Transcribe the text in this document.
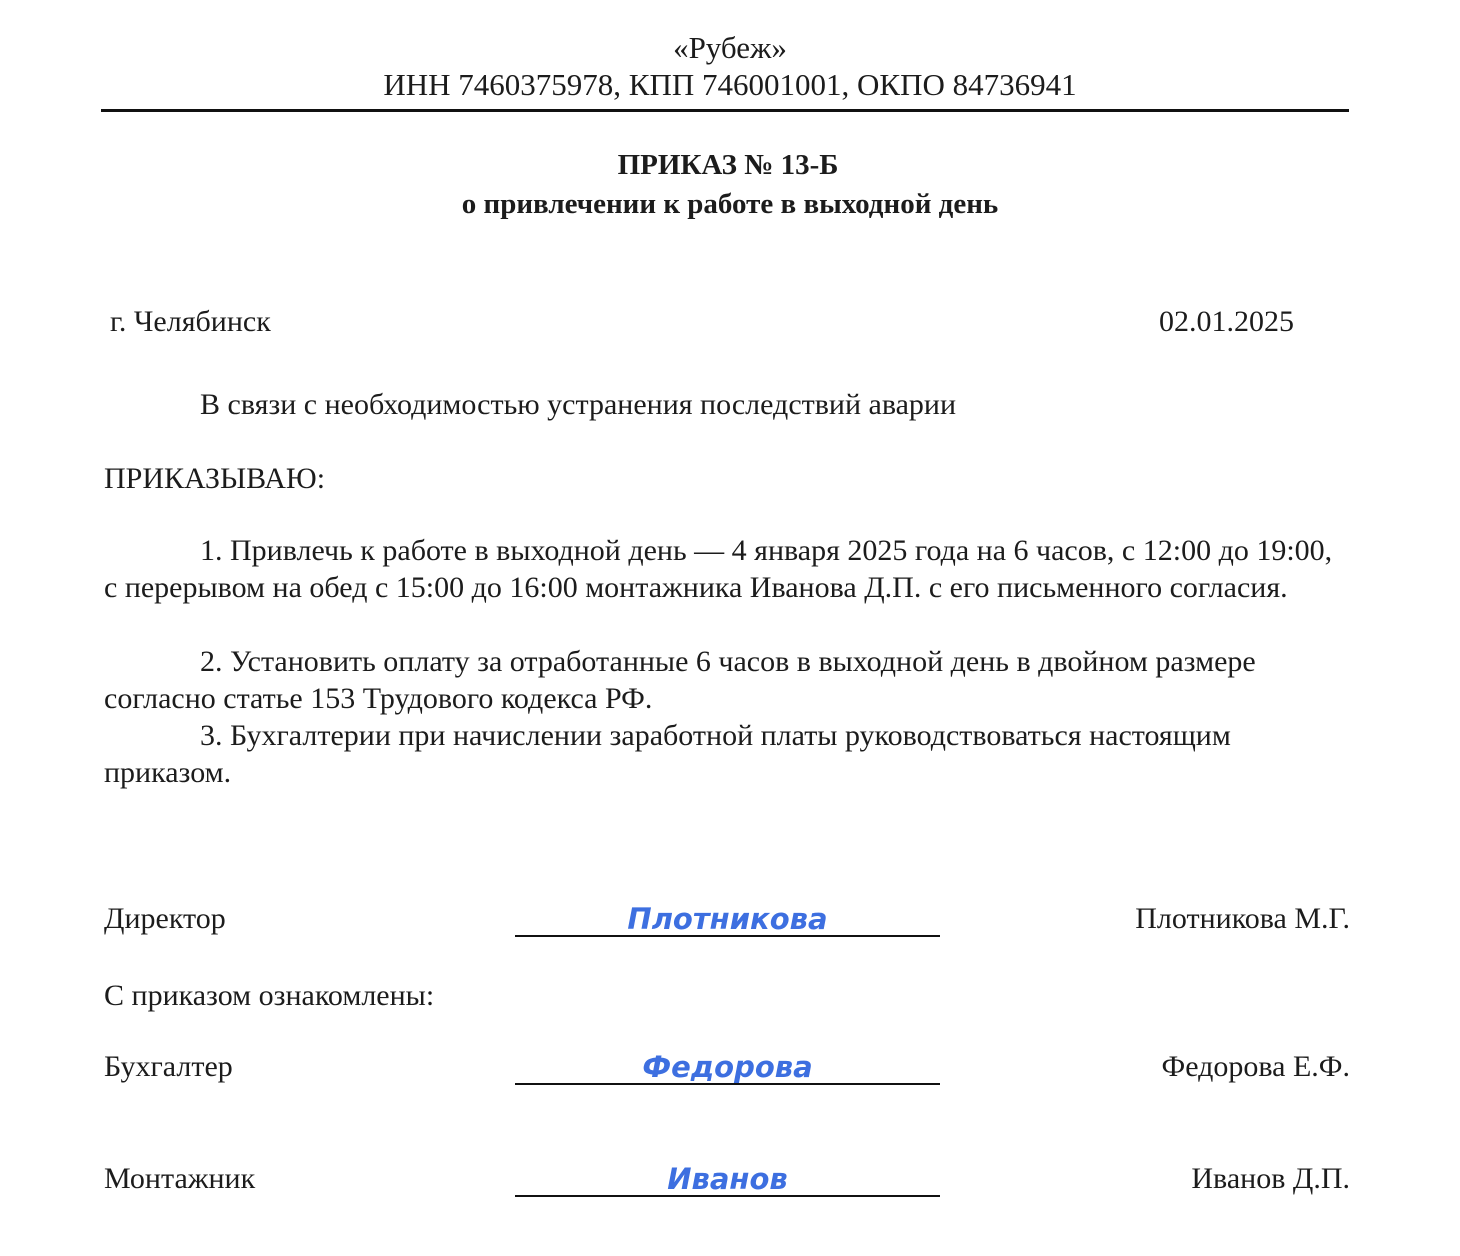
«Рубеж»
ИНН 7460375978, КПП 746001001, ОКПО 84736941
ПРИКАЗ № 13-Б
о привлечении к работе в выходной день
г. Челябинск	02.01.2025
В связи с необходимостью устранения последствий аварии
ПРИКАЗЫВАЮ:
1. Привлечь к работе в выходной день — 4 января 2025 года на 6 часов, с 12:00 до 19:00, с перерывом на обед с 15:00 до 16:00 монтажника Иванова Д.П. с его письменного согласия.
2. Установить оплату за отработанные 6 часов в выходной день в двойном размере согласно статье 153 Трудового кодекса РФ.
3. Бухгалтерии при начислении заработной платы руководствоваться настоящим приказом.
Директор	Плотникова	Плотникова М.Г.
С приказом ознакомлены:
Бухгалтер	Федорова	Федорова Е.Ф.
Монтажник	Иванов	Иванов Д.П.
